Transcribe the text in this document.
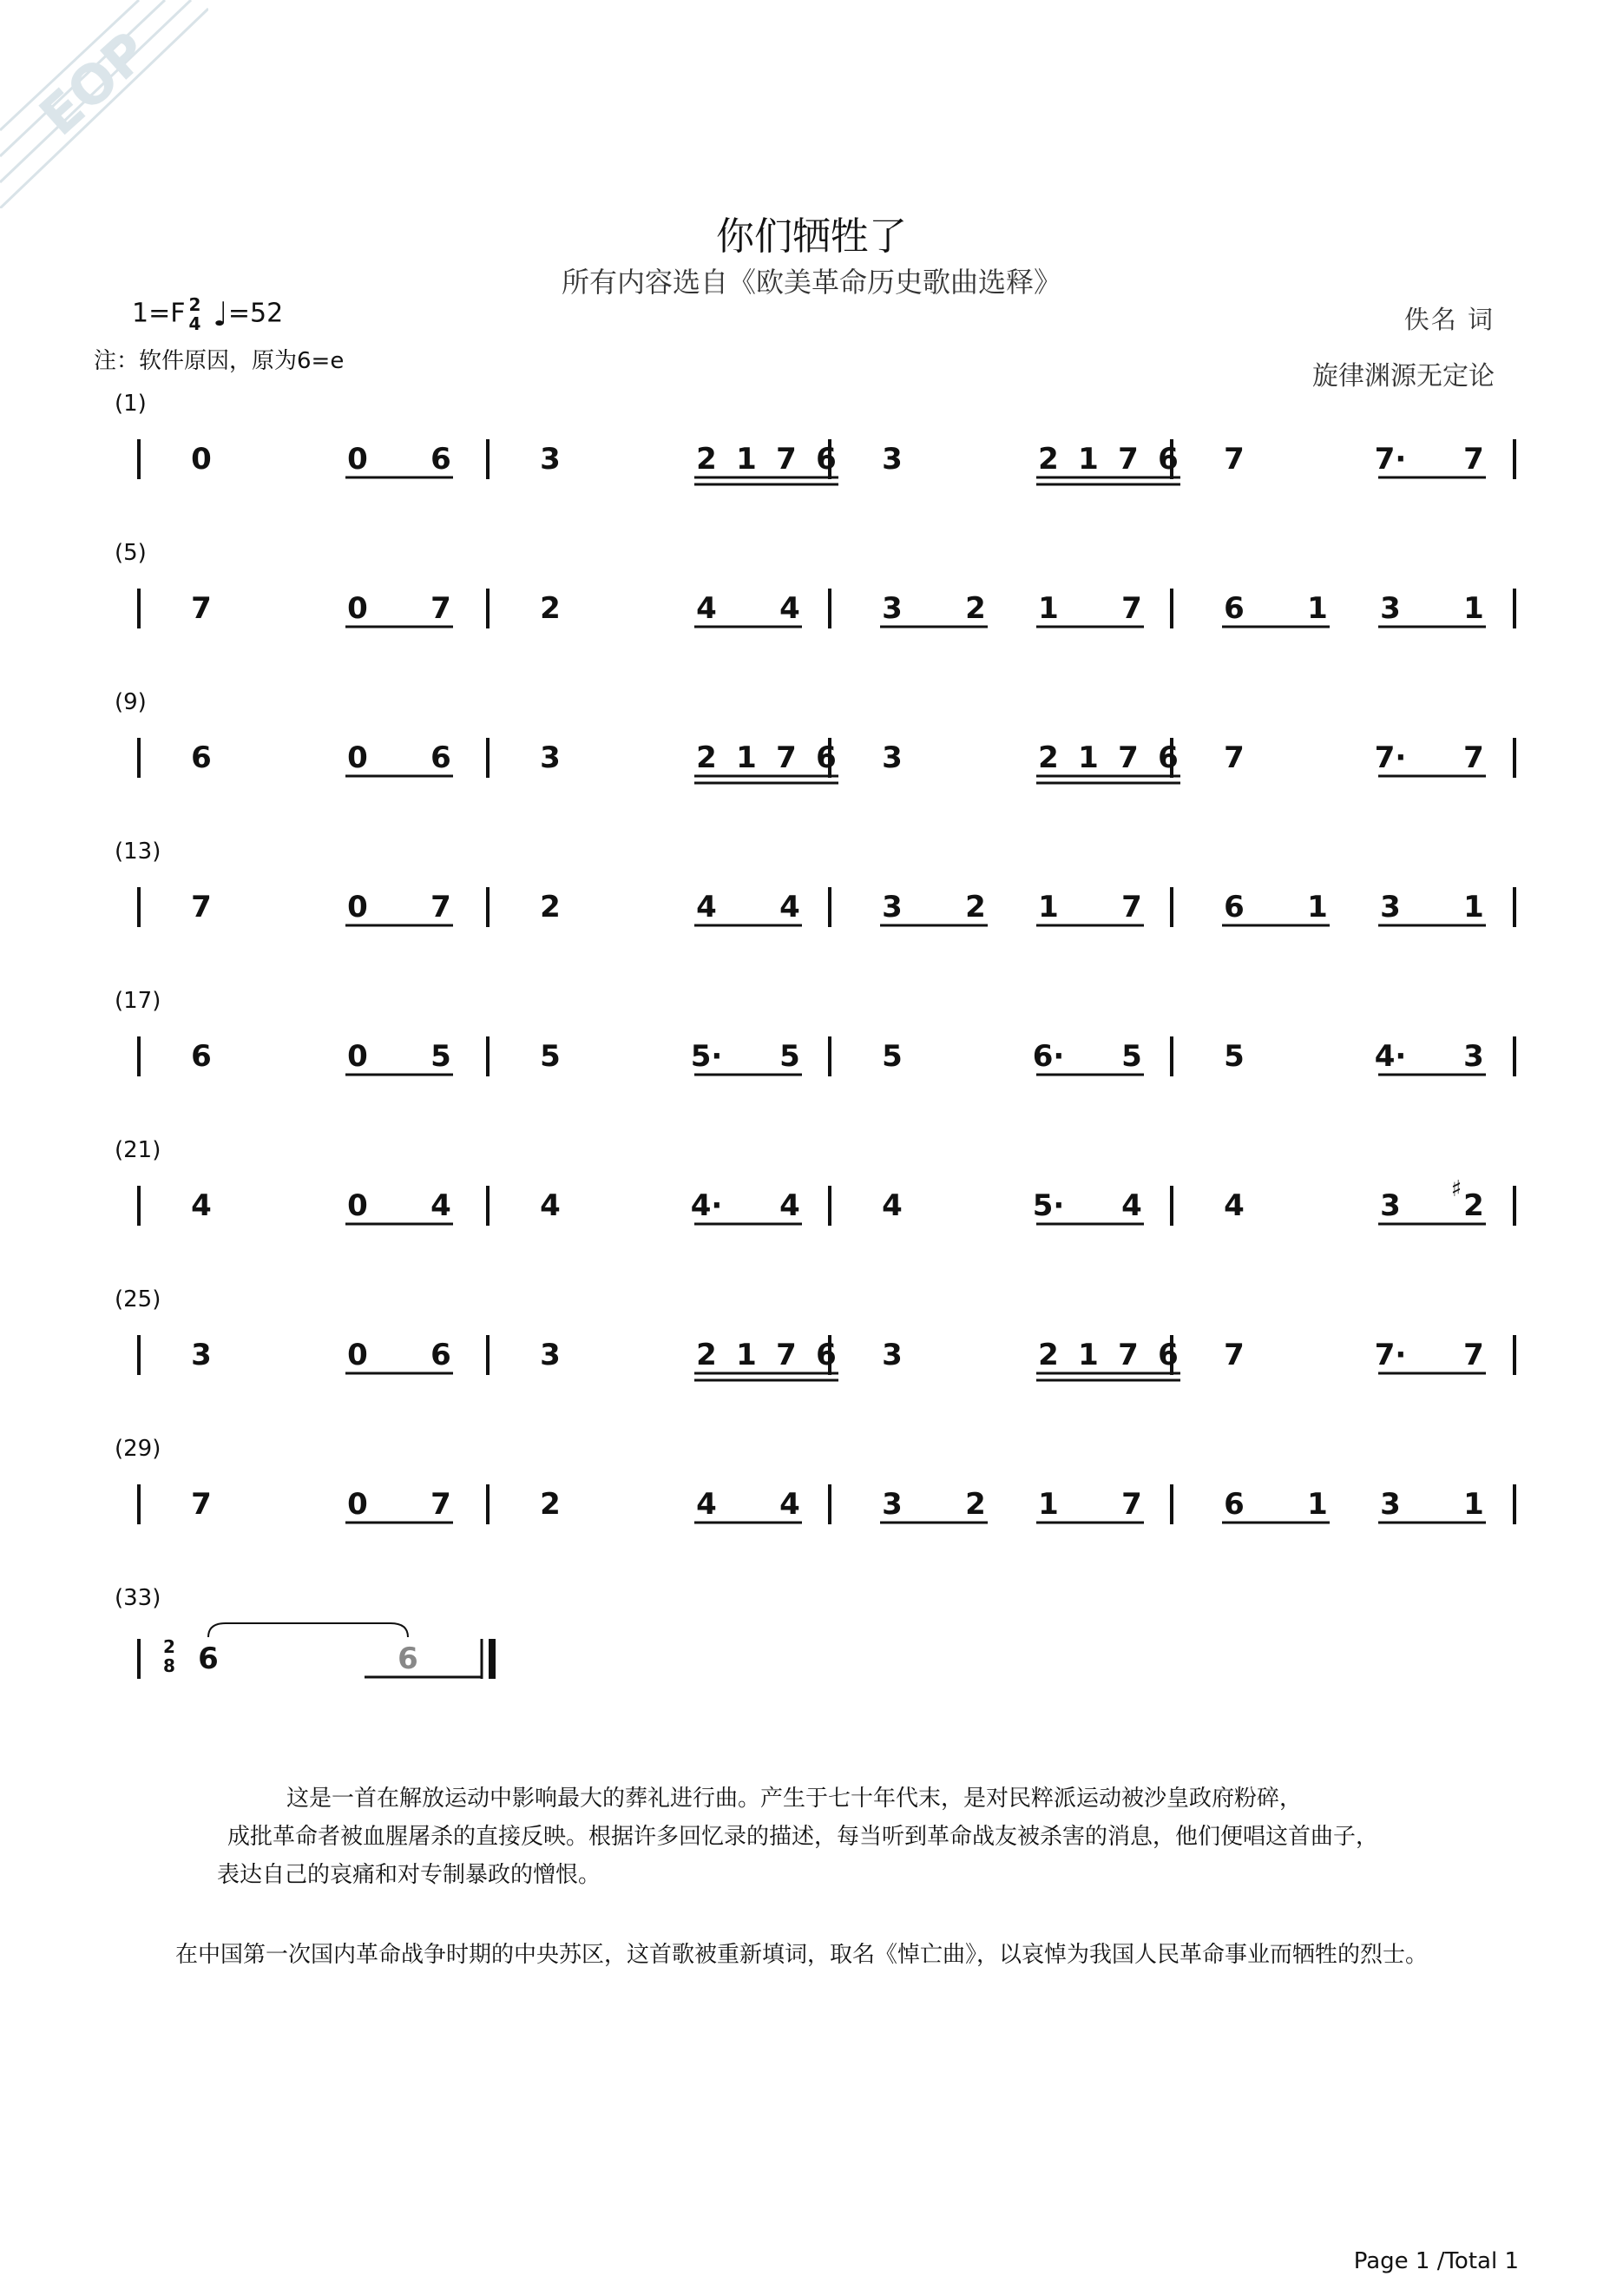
EOP
你们牺牲了
所有内容选自《欧美革命历史歌曲选释》
1=F 2
4 ♩=52
注：软件原因，原为6=e
佚名 词
旋律渊源无定论
(1)
(5)
(9)
(13)
(17)
(21)
(25)
(29)
(33)
0	0 6	3	2 1 7 6 3	2 1 7 6 7	7· 7
7	0 7	2	4 4	3 2 1 7	6 1 3 1
6	0 6	3	2 1 7 6 3	2 1 7 6 7	7· 7
7	0 7	2	4 4	3 2 1 7	6 1 3 1
6	0 5	5	5· 5	5	6· 5	5	4· 3
4	0 4	4	4· 4	4	5· 4	4	3 2
♯
3	0 6	3	2 1 7 6 3	2 1 7 6 7	7· 7
7	0 7	2	4 4	3 2 1 7	6 1 3 1
2
8 6	6
这是一首在解放运动中影响最大的葬礼进行曲。产生于七十年代末，是对民粹派运动被沙皇政府粉碎，
成批革命者被血腥屠杀的直接反映。根据许多回忆录的描述，每当听到革命战友被杀害的消息，他们便唱这首曲子，
表达自己的哀痛和对专制暴政的憎恨。
在中国第一次国内革命战争时期的中央苏区，这首歌被重新填词，取名《悼亡曲》，以哀悼为我国人民革命事业而牺牲的烈士。
Page 1 /Total 1
